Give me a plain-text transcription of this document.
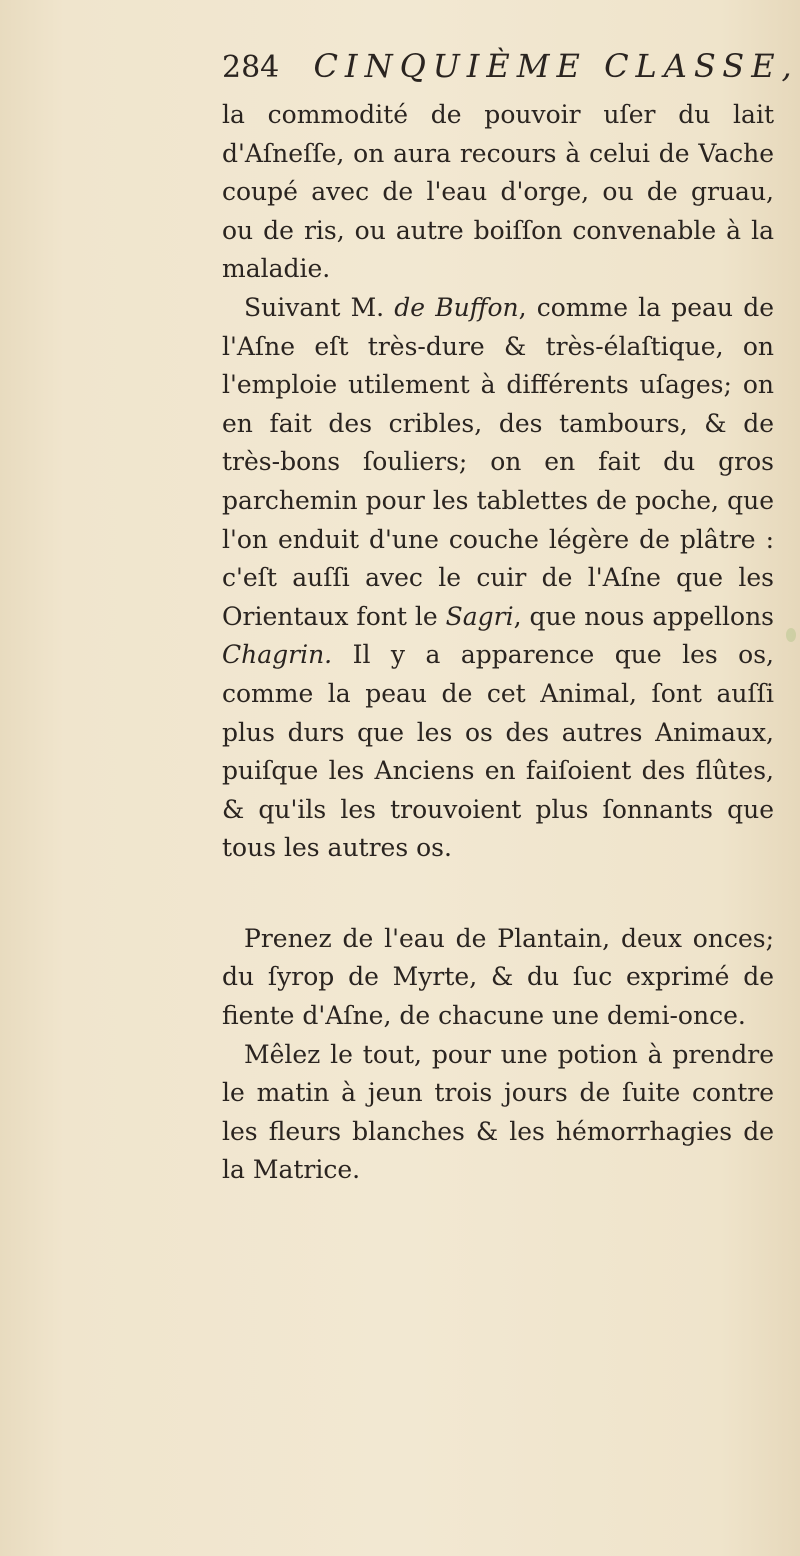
284 CINQUIÈME CLASSE,

la commodité de pouvoir uſer du lait d'Aſneſſe, on aura recours à celui de Vache coupé avec de l'eau d'orge, ou de gruau, ou de ris, ou autre boiſſon convenable à la maladie.

Suivant M. de Buffon, comme la peau de l'Aſne eſt très-dure & très-élaſtique, on l'emploie utilement à différents uſages; on en fait des cribles, des tambours, & de très-bons ſouliers; on en fait du gros parchemin pour les tablettes de poche, que l'on enduit d'une couche légère de plâtre : c'eſt auſſi avec le cuir de l'Aſne que les Orientaux font le Sagri, que nous appellons Chagrin. Il y a apparence que les os, comme la peau de cet Animal, ſont auſſi plus durs que les os des autres Animaux, puiſque les Anciens en faiſoient des flûtes, & qu'ils les trouvoient plus ſonnants que tous les autres os.

Prenez de l'eau de Plantain, deux onces; du ſyrop de Myrte, & du ſuc exprimé de fiente d'Aſne, de chacune une demi-once.

Mêlez le tout, pour une potion à prendre le matin à jeun trois jours de ſuite contre les fleurs blanches & les hémorrhagies de la Matrice.
